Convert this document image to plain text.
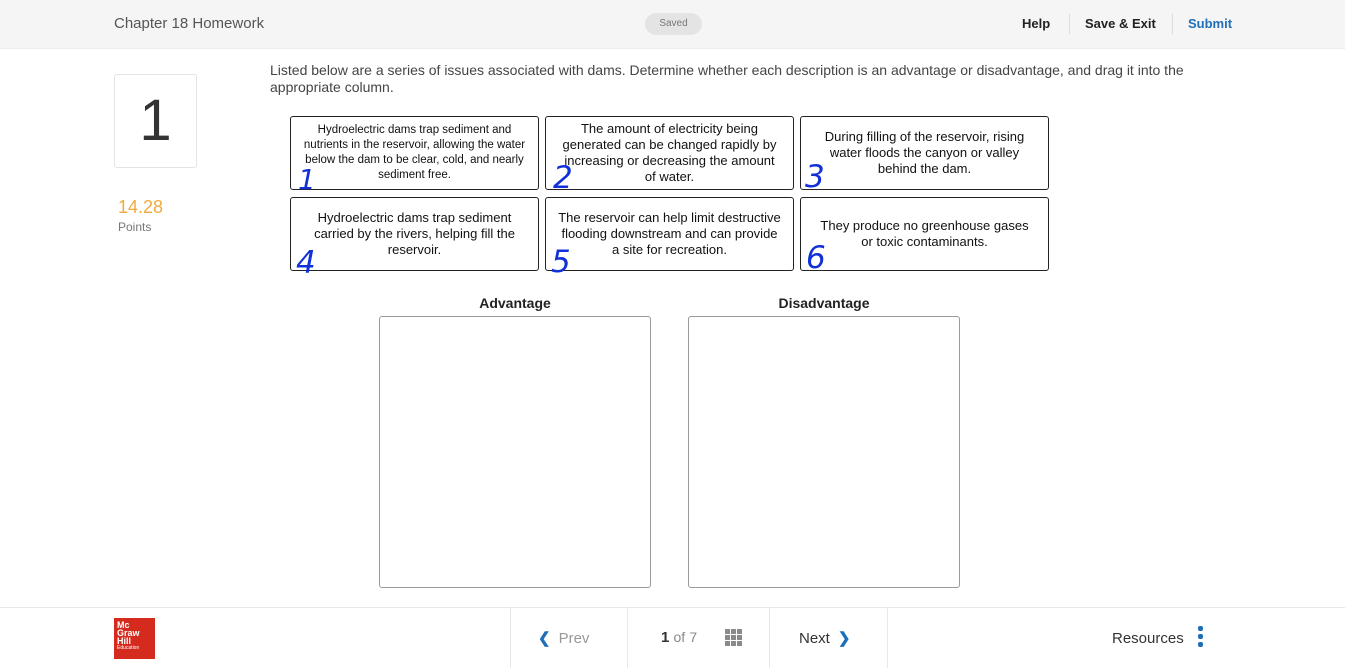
Chapter 18 Homework	Saved	Help	Save & Exit Submit
1
14.28
Points
Listed below are a series of issues associated with dams. Determine whether each description is an advantage or disadvantage, and drag it into the appropriate column.
Hydroelectric dams trap sediment and nutrients in the reservoir, allowing the water below the dam to be clear, cold, and nearly sediment free.
The amount of electricity being generated can be changed rapidly by increasing or decreasing the amount of water.
During filling of the reservoir, rising water floods the canyon or valley behind the dam.
Hydroelectric dams trap sediment carried by the rivers, helping fill the reservoir.
The reservoir can help limit destructive flooding downstream and can provide a site for recreation.
They produce no greenhouse gases or toxic contaminants.
1	2	3
4	5	6
Advantage	Disadvantage
Mc
Graw
Hill
Education
❮ Prev	1 of 7	Next ❯	Resources
